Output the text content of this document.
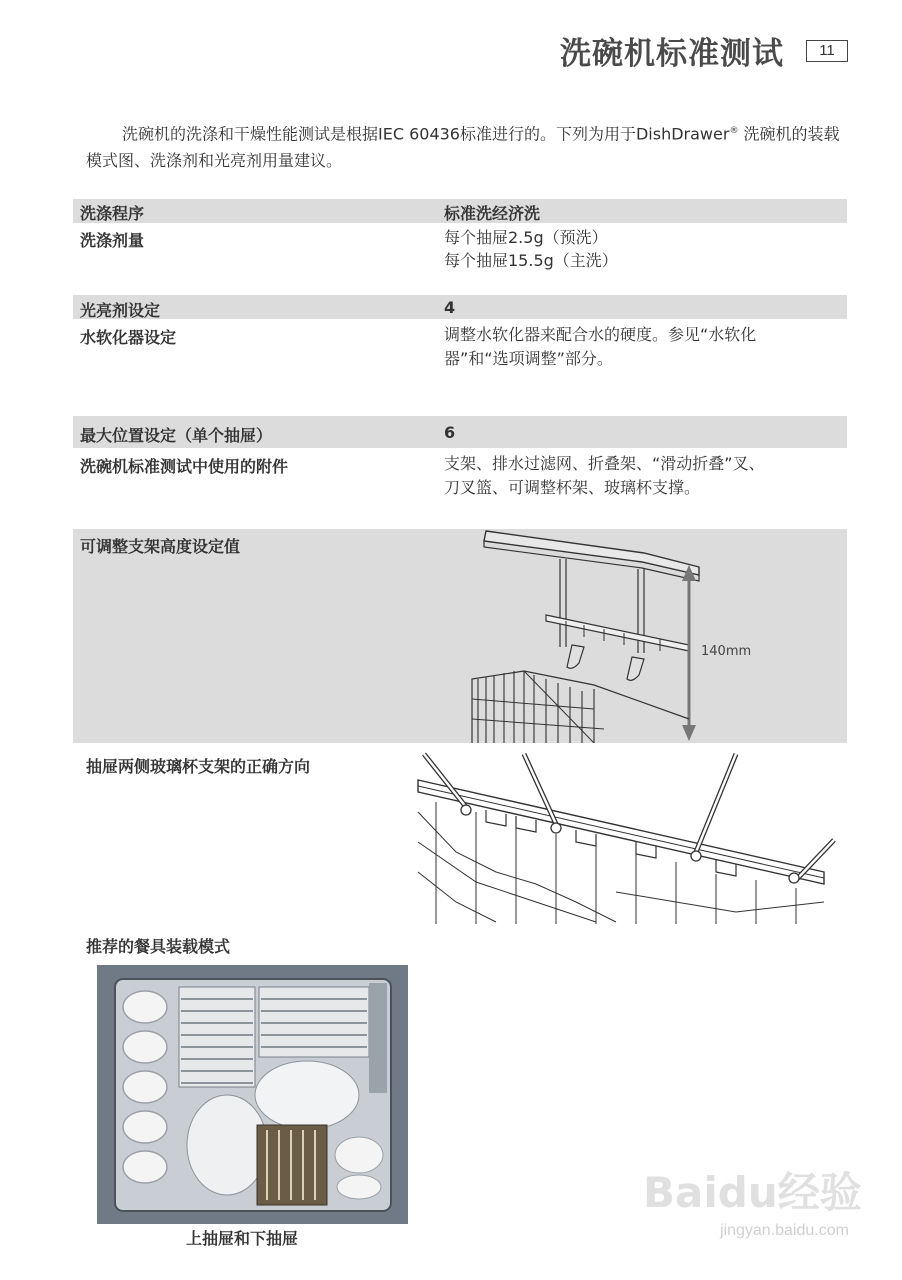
洗碗机标准测试	11
洗碗机的洗涤和干燥性能测试是根据IEC 60436标准进行的。下列为用于DishDrawer® 洗碗机的装载模式图、洗涤剂和光亮剂用量建议。
洗涤程序	标准洗经济洗
洗涤剂量	每个抽屉2.5g（预洗）
每个抽屉15.5g（主洗）
光亮剂设定	4
水软化器设定	调整水软化器来配合水的硬度。参见“水软化
器”和“选项调整”部分。
最大位置设定（单个抽屉）	6
洗碗机标准测试中使用的附件	支架、排水过滤网、折叠架、“滑动折叠”叉、
刀叉篮、可调整杯架、玻璃杯支撑。
可调整支架高度设定值
140mm
抽屉两侧玻璃杯支架的正确方向
推荐的餐具装载模式
上抽屉和下抽屉
Baidu经验
jingyan.baidu.com
